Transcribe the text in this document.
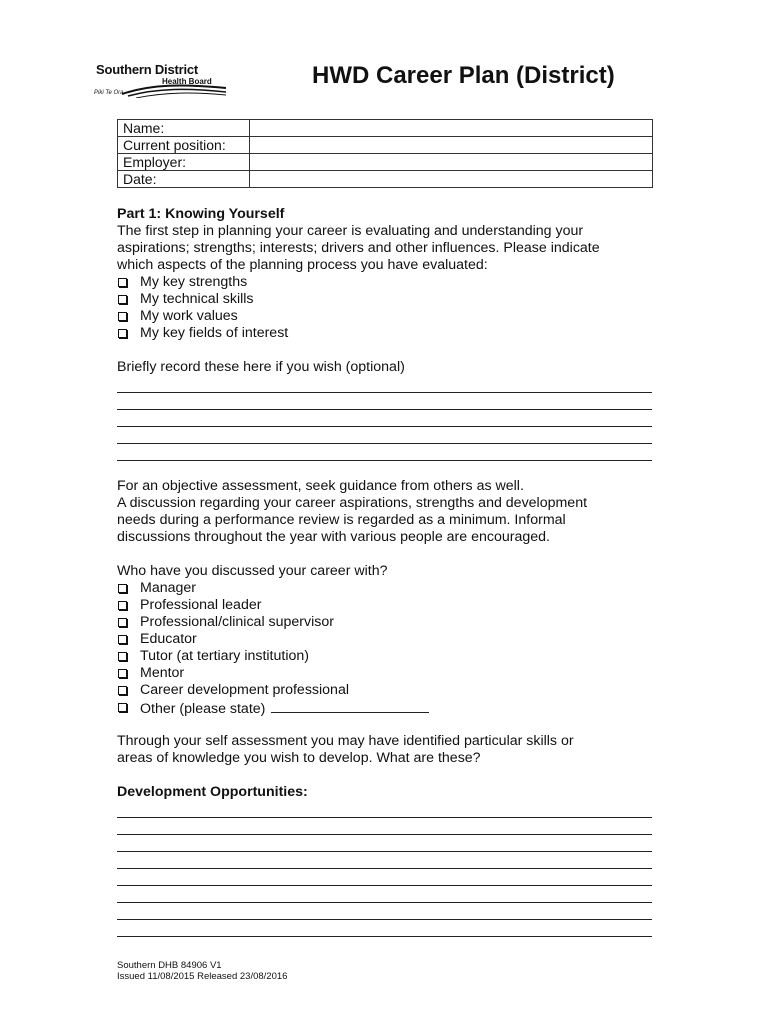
Southern District
Health Board
Piki Te Ora
HWD Career Plan (District)
Name:	
Current position:	
Employer:	
Date:	
Part 1: Knowing Yourself
The first step in planning your career is evaluating and understanding your
aspirations; strengths; interests; drivers and other influences. Please indicate
which aspects of the planning process you have evaluated:
My key strengths
My technical skills
My work values
My key fields of interest
Briefly record these here if you wish (optional)
For an objective assessment, seek guidance from others as well.
A discussion regarding your career aspirations, strengths and development
needs during a performance review is regarded as a minimum. Informal
discussions throughout the year with various people are encouraged.
Who have you discussed your career with?
Manager
Professional leader
Professional/clinical supervisor
Educator
Tutor (at tertiary institution)
Mentor
Career development professional
Other (please state)
Through your self assessment you may have identified particular skills or
areas of knowledge you wish to develop. What are these?
Development Opportunities:
Southern DHB 84906 V1
Issued 11/08/2015 Released 23/08/2016
